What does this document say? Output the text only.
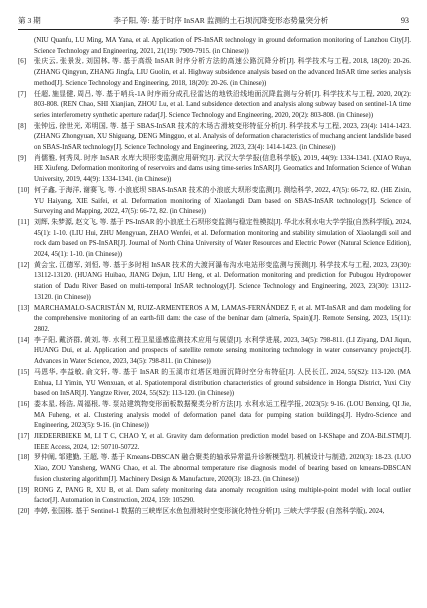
第 3 期	李子阳, 等: 基于时序 InSAR 监测的土石坝沉降变形态势量突分析	93
(NIU Quanfu, LU Ming, MA Yana, et al. Application of PS-InSAR technology in ground deformation monitoring of Lanzhou City[J]. Science Technology and Engineering, 2021, 21(19): 7909-7915. (in Chinese))
[6]	张庆云, 张景发, 刘国林, 等. 基于高级 InSAR 时序分析方法的高速公路沉降分析[J]. 科学技术与工程, 2018, 18(20): 20-26. (ZHANG Qingyun, ZHANG Jingfa, LIU Guolin, et al. Highway subsidence analysis based on the advanced InSAR time series analysis method[J]. Science Technology and Engineering, 2018, 18(20): 20-26. (in Chinese))
[7]	任超, 施显健, 周吕, 等. 基于哨兵-1A 时序雨分成孔径雷达的地铁沿线地面沉降监测与分析[J]. 科学技术与工程, 2020, 20(2): 803-808. (REN Chao, SHI Xianjian, ZHOU Lu, et al. Land subsidence detection and analysis along subway based on sentinel-1A time series interferometry synthetic aperture radar[J]. Science Technology and Engineering, 2020, 20(2): 803-808. (in Chinese))
[8]	张钟远, 徐世光, 邓明国, 等. 基于 SBAS-InSAR 技术的木场古滑坡变形特征分析[J]. 科学技术与工程, 2023, 23(4): 1414-1423. (ZHANG Zhongyuan, XU Shiguang, DENG Mingguo, et al. Analysis of deformation characteristics of muchang ancient landslide based on SBAS-InSAR technology[J]. Science Technology and Engineering, 2023, 23(4): 1414-1423. (in Chinese))
[9]	肖儒雅, 何秀凤. 时序 InSAR 水库大坝形变监测应用研究[J]. 武汉大学学报(信息科学版), 2019, 44(9): 1334-1341. (XIAO Ruya, HE Xiufeng. Deformation monitoring of reservoirs and dams using time-series InSAR[J]. Geomatics and Information Science of Wuhan University, 2019, 44(9): 1334-1341. (in Chinese))
[10] 何子鑫, 于海洋, 谢赛飞, 等. 小浪底坝 SBAS-InSAR 技术的小浪底大坝形变监测[J]. 测绘科学, 2022, 47(5): 66-72, 82. (HE Zixin, YU Haiyang, XIE Saifei, et al. Deformation monitoring of Xiaolangdi Dam based on SBAS-InSAR technology[J]. Science of Surveying and Mapping, 2022, 47(5): 66-72, 82. (in Chinese))
[11] 刘辉, 朱梦源, 赵文飞, 等. 基于 PS-InSAR 的小浪底土石坝形变监测与稳定性模拟[J]. 华北水利水电大学学报(自然科学版), 2024, 45(1): 1-10. (LIU Hui, ZHU Mengyuan, ZHAO Wenfei, et al. Deformation monitoring and stability simulation of Xiaolangdi soil and rock dam based on PS-InSAR[J]. Journal of North China University of Water Resources and Electric Power (Natural Science Edition), 2024, 45(1): 1-10. (in Chinese))
[12] 黄会宝, 江德军, 刘恒, 等. 基于多时相 InSAR 技术的大渡河瀑布沟水电站形变监测与预测[J]. 科学技术与工程, 2023, 23(30): 13112-13120. (HUANG Huibao, JIANG Dejun, LIU Heng, et al. Deformation monitoring and prediction for Pubugou Hydropower station of Dadu River Based on multi-temporal InSAR technology[J]. Science Technology and Engineering, 2023, 23(30): 13112-13120. (in Chinese))
[13] MARCHAMALO-SACRISTÁN M, RUIZ-ARMENTEROS A M, LAMAS-FERNÁNDEZ F, et al. MT-InSAR and dam modeling for the comprehensive monitoring of an earth-fill dam: the case of the benínar dam (almería, Spain)[J]. Remote Sensing, 2023, 15(11): 2802.
[14] 李子阳, 戴济群, 黄刘, 等. 水利工程卫星遥感监测技术应用与展望[J]. 水利学进展, 2023, 34(5): 798-811. (LI Ziyang, DAI Jiqun, HUANG Dui, et al. Application and prospects of satellite remote sensing monitoring technology in water conservancy projects[J]. Advances in Water Science, 2023, 34(5): 798-811. (in Chinese))
[15] 马恩华, 李益敏, 俞文轩, 等. 基于 InSAR 的玉溪市红塔区地面沉降时空分布特征[J]. 人民长江, 2024, 55(S2): 113-120. (MA Enhua, LI Yimin, YU Wenxuan, et al. Spatiotemporal distribution characteristics of ground subsidence in Hongta District, Yuxi City based on InSAR[J]. Yangtze River, 2024, 55(S2): 113-120. (in Chinese))
[16] 娄本星, 杨浩, 周福根, 等. 泵站建筑物变形面板数据聚类分析方法[J]. 水利水运工程学报, 2023(5): 9-16. (LOU Benxing, QI Jie, MA Fuheng, et al. Clustering analysis model of deformation panel data for pumping station buildings[J]. Hydro-Science and Engineering, 2023(5): 9-16. (in Chinese))
[17] JIEDEERBIEKE M, LI T C, CHAO Y, et al. Gravity dam deformation prediction model based on I-KShape and ZOA-BiLSTM[J]. IEEE Access, 2024, 12: 50710-50722.
[18] 罗仲阐, 邹建勤, 王超, 等. 基于 Kmeans-DBSCAN 融合聚类的轴承异常温升诊断模型[J]. 机械设计与制造, 2020(3): 18-23. (LUO Xiao, ZOU Yansheng, WANG Chao, et al. The abnormal temperature rise diagnosis model of bearing based on kmeans-DBSCAN fusion clustering algorithm[J]. Machinery Design & Manufacture, 2020(3): 18-23. (in Chinese))
[19] RONG Z, PANG R, XU B, et al. Dam safety monitoring data anomaly recognition using multiple-point model with local outlier factor[J]. Automation in Construction, 2024, 159: 105290.
[20] 李婷, 张国栋. 基于 Sentinel-1 数据的三峡库区水鱼包滑坡时空变形演化特性分析[J]. 三峡大学学报 (自然科学版), 2024,
